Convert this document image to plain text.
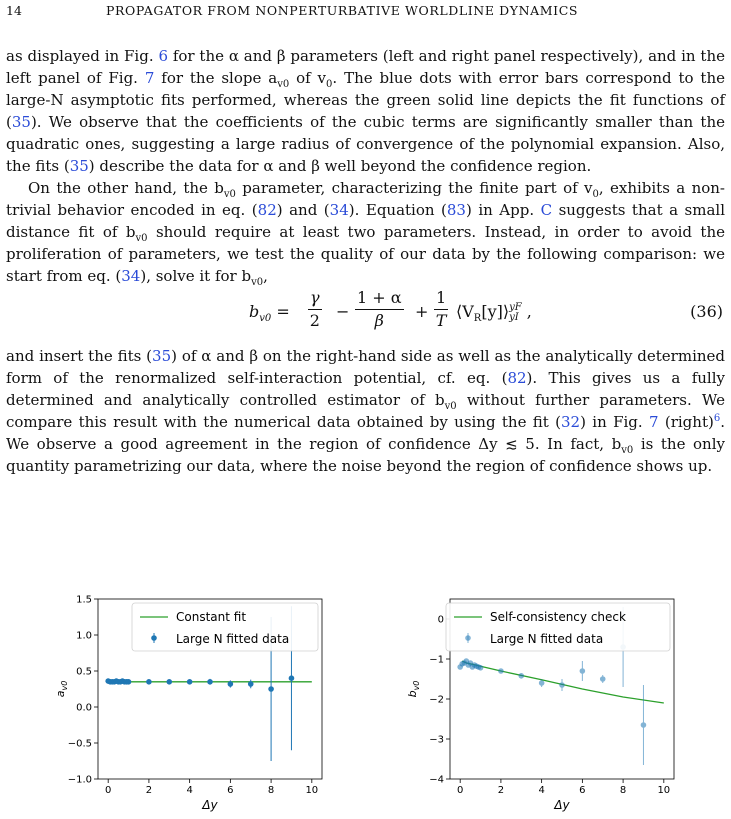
14	PROPAGATOR FROM NONPERTURBATIVE WORLDLINE DYNAMICS

as displayed in Fig. 6 for the α and β parameters (left and right panel respectively), and in the left panel of Fig. 7 for the slope $a_{v0}$ of $v_0$. The blue dots with error bars correspond to the large-N asymptotic fits performed, whereas the green solid line depicts the fit functions of (35). We observe that the coefficients of the cubic terms are significantly smaller than the quadratic ones, suggesting a large radius of convergence of the polynomial expansion. Also, the fits (35) describe the data for α and β well beyond the confidence region.

On the other hand, the $b_{v0}$ parameter, characterizing the finite part of $v_0$, exhibits a non-trivial behavior encoded in eq. (82) and (34). Equation (83) in App. C suggests that a small distance fit of $b_{v0}$ should require at least two parameters. Instead, in order to avoid the proliferation of parameters, we test the quality of our data by the following comparison: we start from eq. (34), solve it for $b_{v0}$,

$b_{v0} = \frac{\gamma}{2} - \frac{1 + \alpha}{\beta} + \frac{1}{T}$ $⟨V_R[y]⟩$ yF
yI ,	(36)

and insert the fits (35) of α and β on the right-hand side as well as the analytically determined form of the renormalized self-interaction potential, cf. eq. (82). This gives us a fully determined and analytically controlled estimator of $b_{v0}$ without further parameters. We compare this result with the numerical data obtained by using the fit (32) in Fig. 7 (right)$^6$. We observe a good agreement in the region of confidence Δy ≲ 5. In fact, $b_{v0}$ is the only quantity parametrizing our data, where the noise beyond the region of confidence shows up.

0	2	4	6	8	10
−1.0
−0.5
0.0
0.5
1.0
1.5
Δy
$a_{v0}$
Constant fit
Large N fitted data
0	2	4	6	8	10
−4
−3
−2
−1
0
Δy
$b_{v0}$
Self-consistency check
Large N fitted data
